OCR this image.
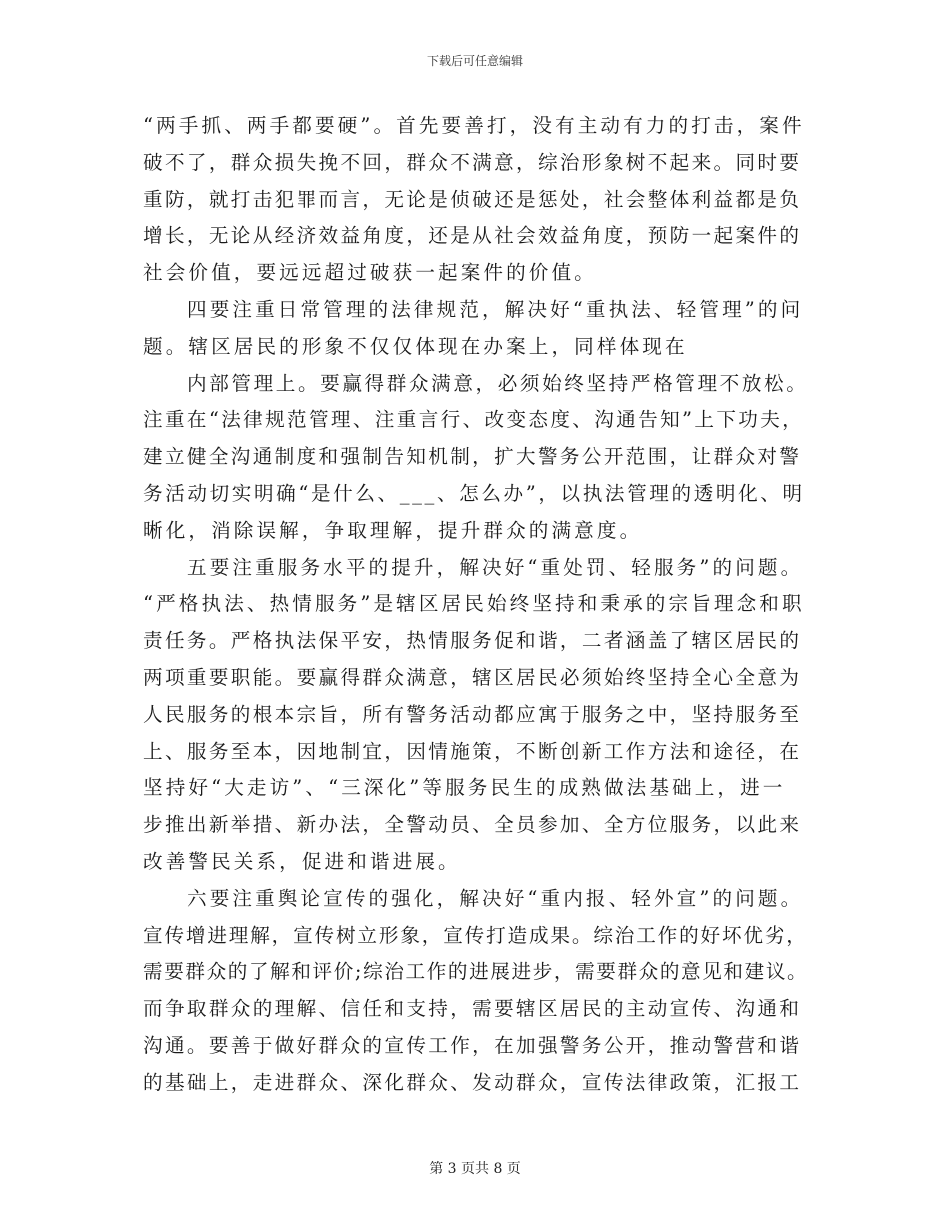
下载后可任意编辑
“两手抓、两手都要硬”。首先要善打，没有主动有力的打击，案件
破不了，群众损失挽不回，群众不满意，综治形象树不起来。同时要
重防，就打击犯罪而言，无论是侦破还是惩处，社会整体利益都是负
增长，无论从经济效益角度，还是从社会效益角度，预防一起案件的
社会价值，要远远超过破获一起案件的价值。
四要注重日常管理的法律规范，解决好“重执法、轻管理”的问
题。辖区居民的形象不仅仅体现在办案上，同样体现在
内部管理上。要赢得群众满意，必须始终坚持严格管理不放松。
注重在“法律规范管理、注重言行、改变态度、沟通告知”上下功夫，
建立健全沟通制度和强制告知机制，扩大警务公开范围，让群众对警
务活动切实明确“是什么、___、怎么办”，以执法管理的透明化、明
晰化，消除误解，争取理解，提升群众的满意度。
五要注重服务水平的提升，解决好“重处罚、轻服务”的问题。
“严格执法、热情服务”是辖区居民始终坚持和秉承的宗旨理念和职
责任务。严格执法保平安，热情服务促和谐，二者涵盖了辖区居民的
两项重要职能。要赢得群众满意，辖区居民必须始终坚持全心全意为
人民服务的根本宗旨，所有警务活动都应寓于服务之中，坚持服务至
上、服务至本，因地制宜，因情施策，不断创新工作方法和途径，在
坚持好“大走访”、“三深化”等服务民生的成熟做法基础上，进一
步推出新举措、新办法，全警动员、全员参加、全方位服务，以此来
改善警民关系，促进和谐进展。
六要注重舆论宣传的强化，解决好“重内报、轻外宣”的问题。
宣传增进理解，宣传树立形象，宣传打造成果。综治工作的好坏优劣，
需要群众的了解和评价;综治工作的进展进步，需要群众的意见和建议。
而争取群众的理解、信任和支持，需要辖区居民的主动宣传、沟通和
沟通。要善于做好群众的宣传工作，在加强警务公开，推动警营和谐
的基础上，走进群众、深化群众、发动群众，宣传法律政策，汇报工
第 3 页共 8 页
